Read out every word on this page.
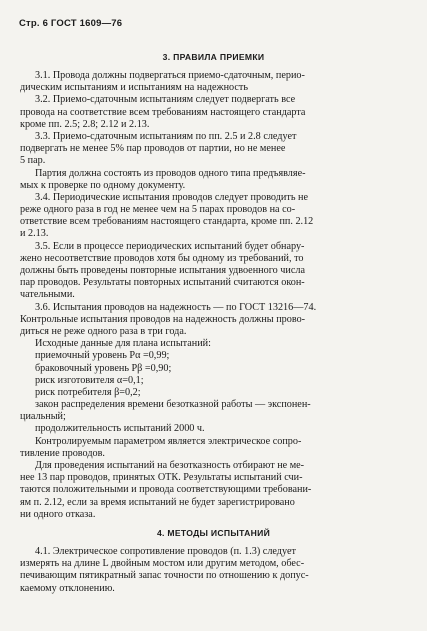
Стр. 6 ГОСТ 1609—76
3. ПРАВИЛА ПРИЕМКИ
3.1. Провода должны подвергаться приемо-сдаточным, перио-
дическим испытаниям и испытаниям на надежность
3.2. Приемо-сдаточным испытаниям следует подвергать все
провода на соответствие всем требованиям настоящего стандарта
кроме пп. 2.5; 2.8; 2.12 и 2.13.
3.3. Приемо-сдаточным испытаниям по пп. 2.5 и 2.8 следует
подвергать не менее 5% пар проводов от партии, но не менее
5 пар.
Партия должна состоять из проводов одного типа предъявляе-
мых к проверке по одному документу.
3.4. Периодические испытания проводов следует проводить не
реже одного раза в год не менее чем на 5 парах проводов на со-
ответствие всем требованиям настоящего стандарта, кроме пп. 2.12
и 2.13.
3.5. Если в процессе периодических испытаний будет обнару-
жено несоответствие проводов хотя бы одному из требований, то
должны быть проведены повторные испытания удвоенного числа
пар проводов. Результаты повторных испытаний считаются окон-
чательными.
3.6. Испытания проводов на надежность — по ГОСТ 13216—74.
Контрольные испытания проводов на надежность должны прово-
диться не реже одного раза в три года.
Исходные данные для плана испытаний:
приемочный уровень Pα =0,99;
браковочный уровень Pβ =0,90;
риск изготовителя α=0,1;
риск потребителя β=0,2;
закон распределения времени безотказной работы — экспонен-
циальный;
продолжительность испытаний 2000 ч.
Контролируемым параметром является электрическое сопро-
тивление проводов.
Для проведения испытаний на безотказность отбирают не ме-
нее 13 пар проводов, принятых ОТК. Результаты испытаний счи-
таются положительными и провода соответствующими требовани-
ям п. 2.12, если за время испытаний не будет зарегистрировано
ни одного отказа.
4. МЕТОДЫ ИСПЫТАНИЙ
4.1. Электрическое сопротивление проводов (п. 1.3) следует
измерять на длине L двойным мостом или другим методом, обес-
печивающим пятикратный запас точности по отношению к допус-
каемому отклонению.
